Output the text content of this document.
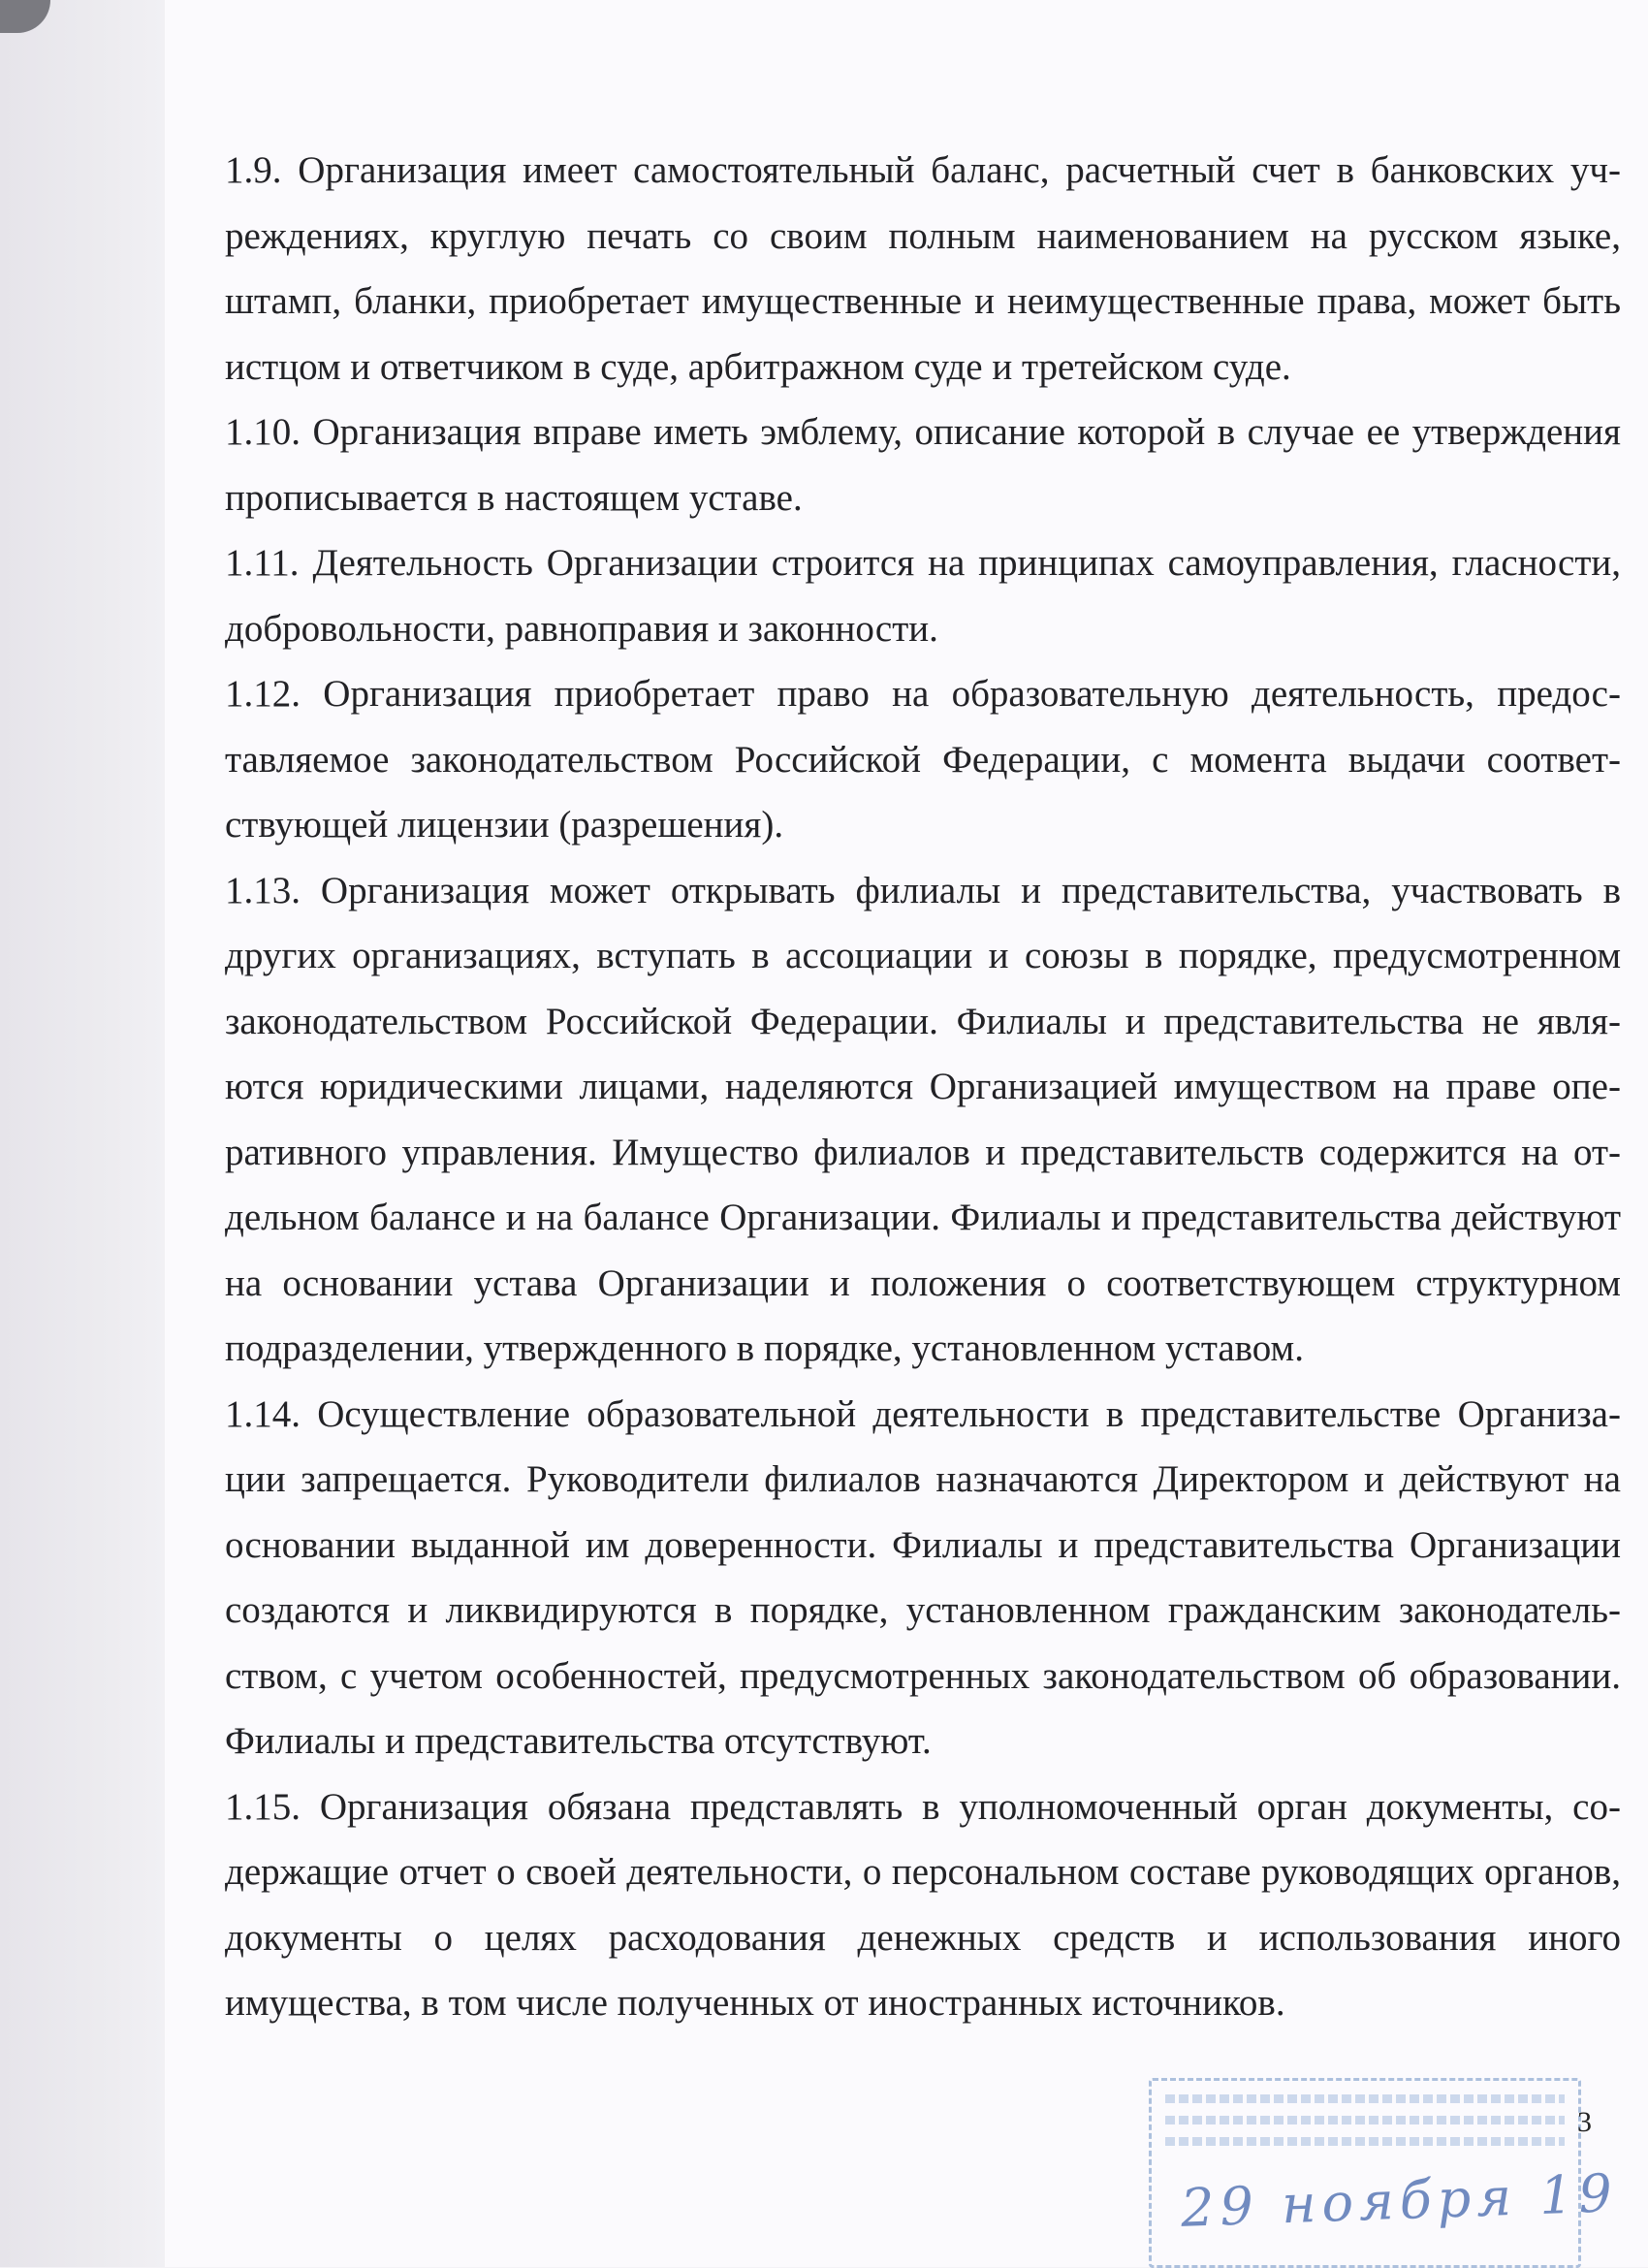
1.9. Организация имеет самостоятельный баланс, расчетный счет в банковских учреждениях, круглую печать со своим полным наименованием на русском языке, штамп, бланки, приобретает имущественные и неимущественные права, может быть истцом и ответчиком в суде, арбитражном суде и третейском суде.

1.10. Организация вправе иметь эмблему, описание которой в случае ее утверждения прописывается в настоящем уставе.

1.11. Деятельность Организации строится на принципах самоуправления, гласности, добровольности, равноправия и законности.

1.12. Организация приобретает право на образовательную деятельность, предоставляемое законодательством Российской Федерации, с момента выдачи соответствующей лицензии (разрешения).

1.13. Организация может открывать филиалы и представительства, участвовать в других организациях, вступать в ассоциации и союзы в порядке, предусмотренном законодательством Российской Федерации. Филиалы и представительства не являются юридическими лицами, наделяются Организацией имуществом на праве оперативного управления. Имущество филиалов и представительств содержится на отдельном балансе и на балансе Организации. Филиалы и представительства действуют на основании устава Организации и положения о соответствующем структурном подразделении, утвержденного в порядке, установленном уставом.

1.14. Осуществление образовательной деятельности в представительстве Организации запрещается. Руководители филиалов назначаются Директором и действуют на основании выданной им доверенности. Филиалы и представительства Организации создаются и ликвидируются в порядке, установленном гражданским законодательством, с учетом особенностей, предусмотренных законодательством об образовании. Филиалы и представительства отсутствуют.

1.15. Организация обязана представлять в уполномоченный орган документы, содержащие отчет о своей деятельности, о персональном составе руководящих органов, документы о целях расходования денежных средств и использования иного имущества, в том числе полученных от иностранных источников.

29 ноября 19
3
